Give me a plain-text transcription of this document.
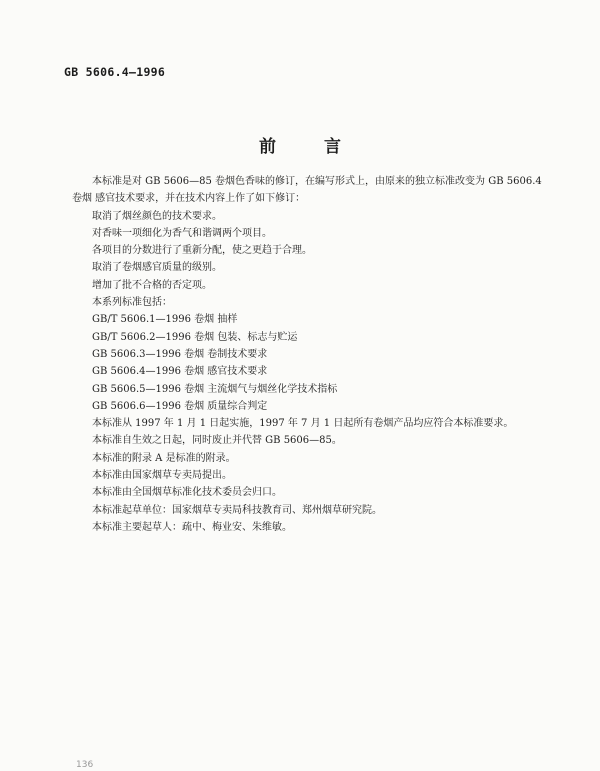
GB 5606.4—1996

前	言

本标准是对 GB 5606—85 卷烟色香味的修订，在编写形式上，由原来的独立标准改变为 GB 5606.4

卷烟 感官技术要求，并在技术内容上作了如下修订：

取消了烟丝颜色的技术要求。

对香味一项细化为香气和谐调两个项目。

各项目的分数进行了重新分配，使之更趋于合理。

取消了卷烟感官质量的级别。

增加了批不合格的否定项。

本系列标准包括：

GB/T 5606.1—1996 卷烟 抽样

GB/T 5606.2—1996 卷烟 包装、标志与贮运

GB 5606.3—1996 卷烟 卷制技术要求

GB 5606.4—1996 卷烟 感官技术要求

GB 5606.5—1996 卷烟 主流烟气与烟丝化学技术指标

GB 5606.6—1996 卷烟 质量综合判定

本标准从 1997 年 1 月 1 日起实施，1997 年 7 月 1 日起所有卷烟产品均应符合本标准要求。

本标准自生效之日起，同时废止并代替 GB 5606—85。

本标准的附录 A 是标准的附录。

本标准由国家烟草专卖局提出。

本标准由全国烟草标准化技术委员会归口。

本标准起草单位：国家烟草专卖局科技教育司、郑州烟草研究院。

本标准主要起草人：疏中、梅业安、朱维敏。

136
